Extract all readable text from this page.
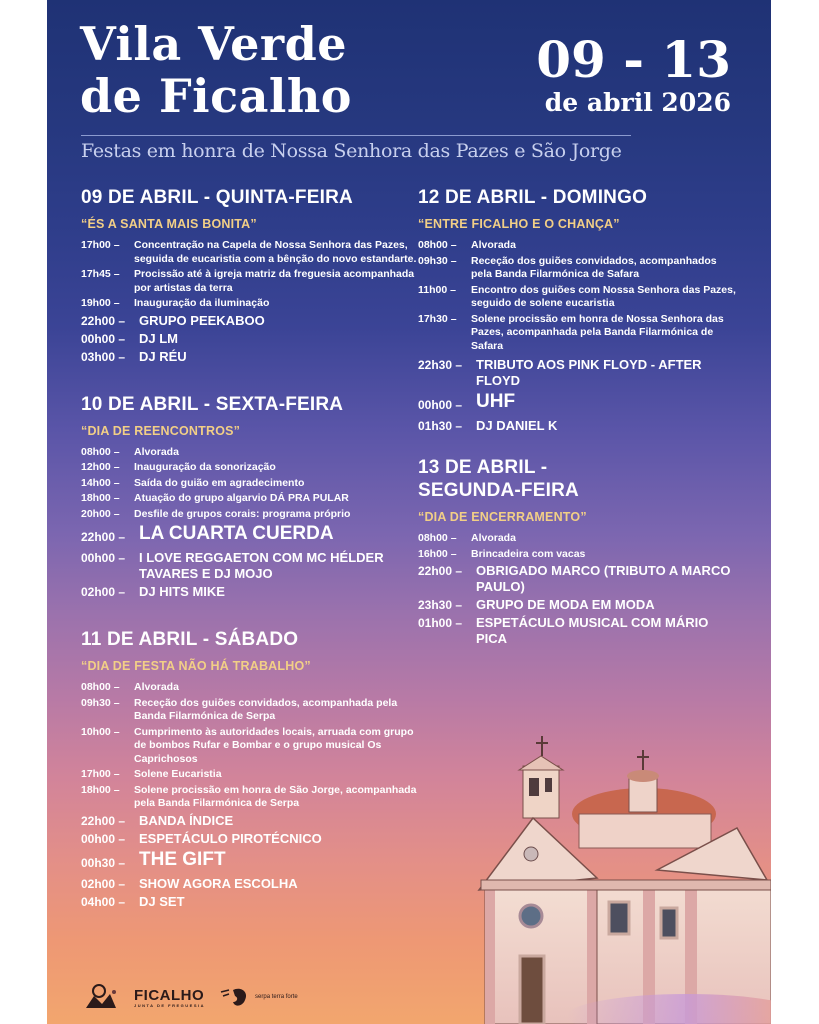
Vila Verde
de Ficalho
09 - 13
de abril 2026
Festas em honra de Nossa Senhora das Pazes e São Jorge
09 DE ABRIL - QUINTA-FEIRA
“ÉS A SANTA MAIS BONITA”
17h00 –	Concentração na Capela de Nossa Senhora das Pazes, seguida de eucaristia com a bênção do novo estandarte.
17h45 –	Procissão até à igreja matriz da freguesia acompanhada por artistas da terra
19h00 –	Inauguração da iluminação
22h00 –	GRUPO PEEKABOO
00h00 –	DJ LM
03h00 –	DJ RÉU
10 DE ABRIL - SEXTA-FEIRA
“DIA DE REENCONTROS”
08h00 –	Alvorada
12h00 –	Inauguração da sonorização
14h00 –	Saída do guião em agradecimento
18h00 –	Atuação do grupo algarvio DÁ PRA PULAR
20h00 –	Desfile de grupos corais: programa próprio
22h00 – LA CUARTA CUERDA
00h00 –	I LOVE REGGAETON COM MC HÉLDER TAVARES E DJ MOJO
02h00 –	DJ HITS MIKE
11 DE ABRIL - SÁBADO
“DIA DE FESTA NÃO HÁ TRABALHO”
08h00 –	Alvorada
09h30 –	Receção dos guiões convidados, acompanhada pela Banda Filarmónica de Serpa
10h00 –	Cumprimento às autoridades locais, arruada com grupo de bombos Rufar e Bombar e o grupo musical Os Caprichosos
17h00 –	Solene Eucaristia
18h00 –	Solene procissão em honra de São Jorge, acompanhada pela Banda Filarmónica de Serpa
22h00 –	BANDA ÍNDICE
00h00 –	ESPETÁCULO PIROTÉCNICO
00h30 – THE GIFT
02h00 –	SHOW AGORA ESCOLHA
04h00 –	DJ SET
12 DE ABRIL - DOMINGO
“ENTRE FICALHO E O CHANÇA”
08h00 –	Alvorada
09h30 –	Receção dos guiões convidados, acompanhados pela Banda Filarmónica de Safara
11h00 –	Encontro dos guiões com Nossa Senhora das Pazes, seguido de solene eucaristia
17h30 –	Solene procissão em honra de Nossa Senhora das Pazes, acompanhada pela Banda Filarmónica de Safara
22h30 –	TRIBUTO AOS PINK FLOYD - AFTER FLOYD
00h00 – UHF
01h30 –	DJ DANIEL K
13 DE ABRIL - SEGUNDA-FEIRA
“DIA DE ENCERRAMENTO”
08h00 –	Alvorada
16h00 –	Brincadeira com vacas
22h00 –	OBRIGADO MARCO (TRIBUTO A MARCO PAULO)
23h30 –	GRUPO DE MODA EM MODA
01h00 –	ESPETÁCULO MUSICAL COM MÁRIO PICA
FICALHO
JUNTA DE FREGUESIA
serpa terra forte
